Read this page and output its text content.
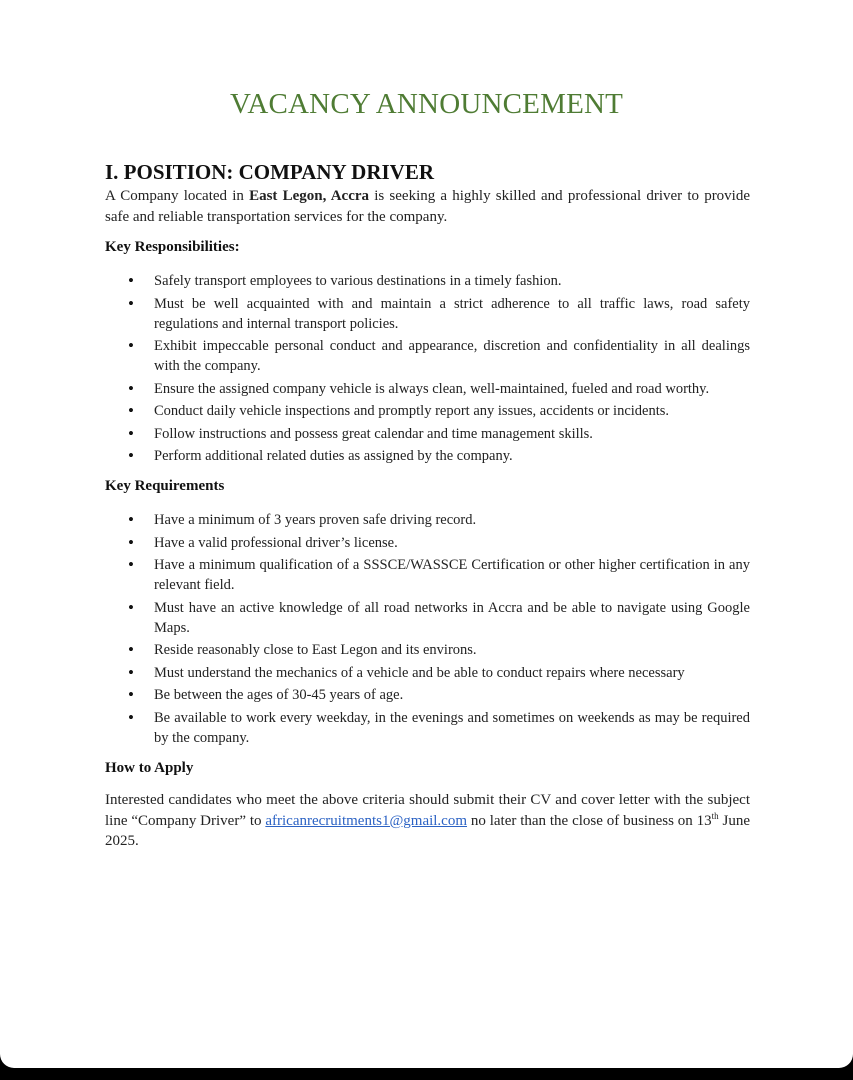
VACANCY ANNOUNCEMENT
I. POSITION: COMPANY DRIVER

A Company located in East Legon, Accra is seeking a highly skilled and professional driver to provide safe and reliable transportation services for the company.

Key Responsibilities:
• Safely transport employees to various destinations in a timely fashion.
• Must be well acquainted with and maintain a strict adherence to all traffic laws, road safety regulations and internal transport policies.
• Exhibit impeccable personal conduct and appearance, discretion and confidentiality in all dealings with the company.
• Ensure the assigned company vehicle is always clean, well-maintained, fueled and road worthy.
• Conduct daily vehicle inspections and promptly report any issues, accidents or incidents.
• Follow instructions and possess great calendar and time management skills.
• Perform additional related duties as assigned by the company.
Key Requirements
• Have a minimum of 3 years proven safe driving record.
• Have a valid professional driver’s license.
• Have a minimum qualification of a SSSCE/WASSCE Certification or other higher certification in any relevant field.
• Must have an active knowledge of all road networks in Accra and be able to navigate using Google Maps.
• Reside reasonably close to East Legon and its environs.
• Must understand the mechanics of a vehicle and be able to conduct repairs where necessary
• Be between the ages of 30-45 years of age.
• Be available to work every weekday, in the evenings and sometimes on weekends as may be required by the company.
How to Apply

Interested candidates who meet the above criteria should submit their CV and cover letter with the subject line “Company Driver” to africanrecruitments1@gmail.com no later than the close of business on 13th June 2025.
